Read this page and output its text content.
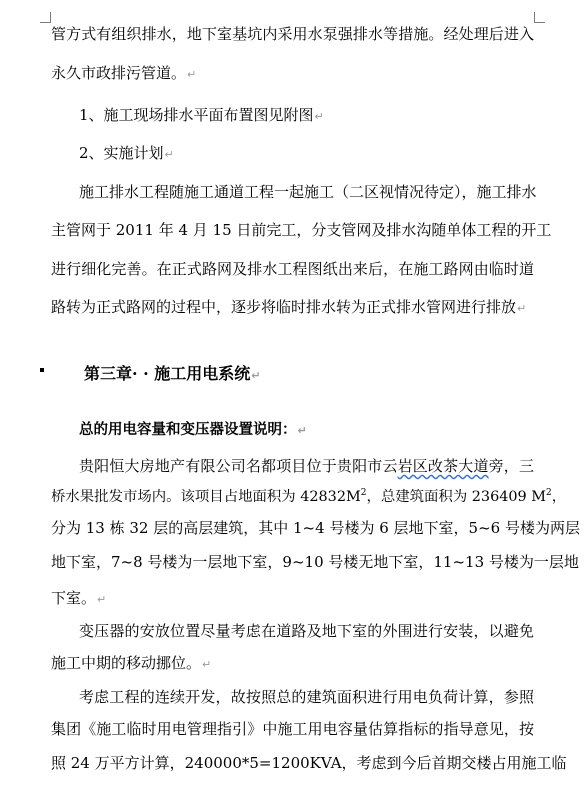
管方式有组织排水，地下室基坑内采用水泵强排水等措施。经处理后进入
永久市政排污管道。↵
1、施工现场排水平面布置图见附图↵
2、实施计划↵
施工排水工程随施工通道工程一起施工（二区视情况待定），施工排水
主管网于 2011 年 4 月 15 日前完工，分支管网及排水沟随单体工程的开工
进行细化完善。在正式路网及排水工程图纸出来后，在施工路网由临时道
路转为正式路网的过程中，逐步将临时排水转为正式排水管网进行排放↵
第三章· · 施工用电系统↵
总的用电容量和变压器设置说明：↵
贵阳恒大房地产有限公司名都项目位于贵阳市云岩区改茶大道旁，三
桥水果批发市场内。该项目占地面积为 $42832M^2$，总建筑面积为 236409 $M^2$，
分为 13 栋 32 层的高层建筑，其中 1~4 号楼为 6 层地下室，5~6 号楼为两层
地下室，7~8 号楼为一层地下室，9~10 号楼无地下室，11~13 号楼为一层地
下室。↵
变压器的安放位置尽量考虑在道路及地下室的外围进行安装，以避免
施工中期的移动挪位。↵
考虑工程的连续开发，故按照总的建筑面积进行用电负荷计算，参照
集团《施工临时用电管理指引》中施工用电容量估算指标的指导意见，按
照 24 万平方计算，240000*5=1200KVA，考虑到今后首期交楼占用施工临
